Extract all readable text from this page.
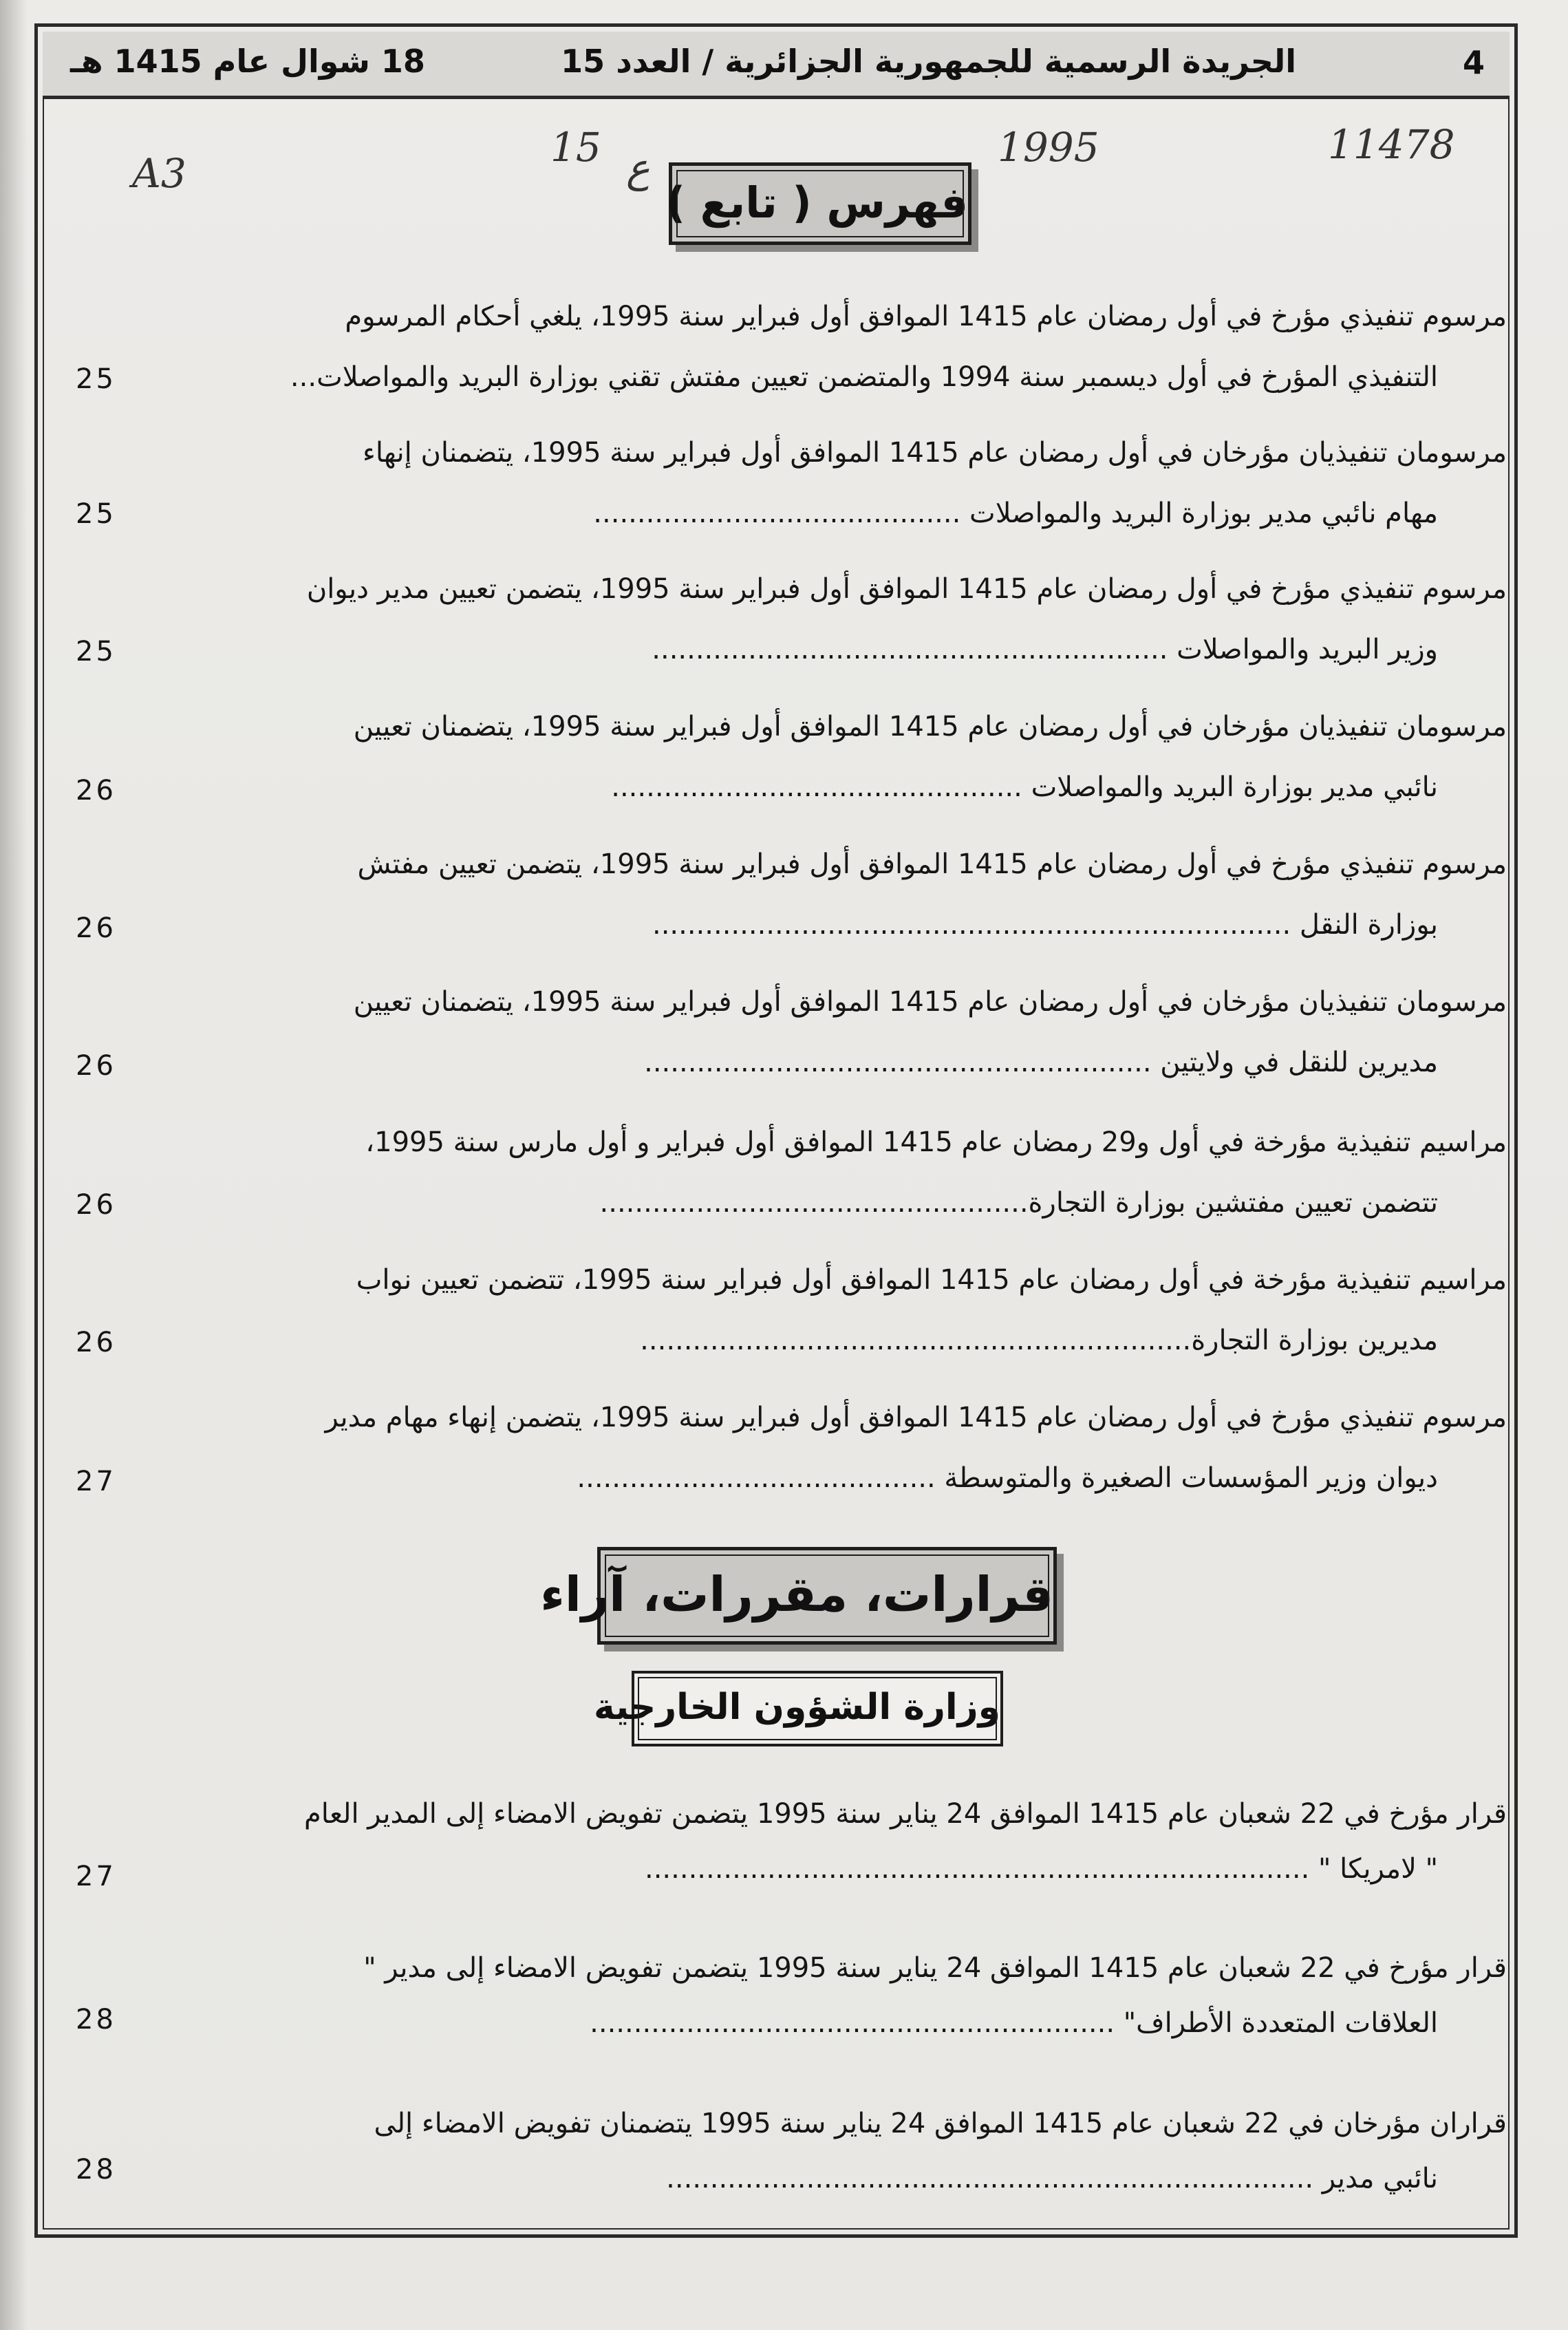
4
الجريدة الرسمية للجمهورية الجزائرية / العدد 15
18 شوال عام 1415 هـ
A3
15 ع	1995	11478
فهرس ( تابع )
مرسوم تنفيذي مؤرخ في أول رمضان عام 1415 الموافق أول فبراير سنة 1995، يلغي أحكام المرسوم
التنفيذي المؤرخ في أول ديسمبر سنة 1994 والمتضمن تعيين مفتش تقني بوزارة البريد والمواصلات...
25
مرسومان تنفيذيان مؤرخان في أول رمضان عام 1415 الموافق أول فبراير سنة 1995، يتضمنان إنهاء
مهام نائبي مدير بوزارة البريد والمواصلات ..........................................
25
مرسوم تنفيذي مؤرخ في أول رمضان عام 1415 الموافق أول فبراير سنة 1995، يتضمن تعيين مدير ديوان
وزير البريد والمواصلات ...........................................................
25
مرسومان تنفيذيان مؤرخان في أول رمضان عام 1415 الموافق أول فبراير سنة 1995، يتضمنان تعيين
نائبي مدير بوزارة البريد والمواصلات ...............................................
26
مرسوم تنفيذي مؤرخ في أول رمضان عام 1415 الموافق أول فبراير سنة 1995، يتضمن تعيين مفتش
بوزارة النقل .........................................................................
26
مرسومان تنفيذيان مؤرخان في أول رمضان عام 1415 الموافق أول فبراير سنة 1995، يتضمنان تعيين
مديرين للنقل في ولايتين ..........................................................
26
مراسيم تنفيذية مؤرخة في أول و29 رمضان عام 1415 الموافق أول فبراير و أول مارس سنة 1995،
تتضمن تعيين مفتشين بوزارة التجارة.................................................
26
مراسيم تنفيذية مؤرخة في أول رمضان عام 1415 الموافق أول فبراير سنة 1995، تتضمن تعيين نواب
مديرين بوزارة التجارة...............................................................
26
مرسوم تنفيذي مؤرخ في أول رمضان عام 1415 الموافق أول فبراير سنة 1995، يتضمن إنهاء مهام مدير
ديوان وزير المؤسسات الصغيرة والمتوسطة .........................................
27
قرارات، مقررات، آراء
وزارة الشؤون الخارجية
قرار مؤرخ في 22 شعبان عام 1415 الموافق 24 يناير سنة 1995 يتضمن تفويض الامضاء إلى المدير العام
" لامريكا " ............................................................................
27
قرار مؤرخ في 22 شعبان عام 1415 الموافق 24 يناير سنة 1995 يتضمن تفويض الامضاء إلى مدير "
العلاقات المتعددة الأطراف" ............................................................
28
قراران مؤرخان في 22 شعبان عام 1415 الموافق 24 يناير سنة 1995 يتضمنان تفويض الامضاء إلى
نائبي مدير ..........................................................................
28
